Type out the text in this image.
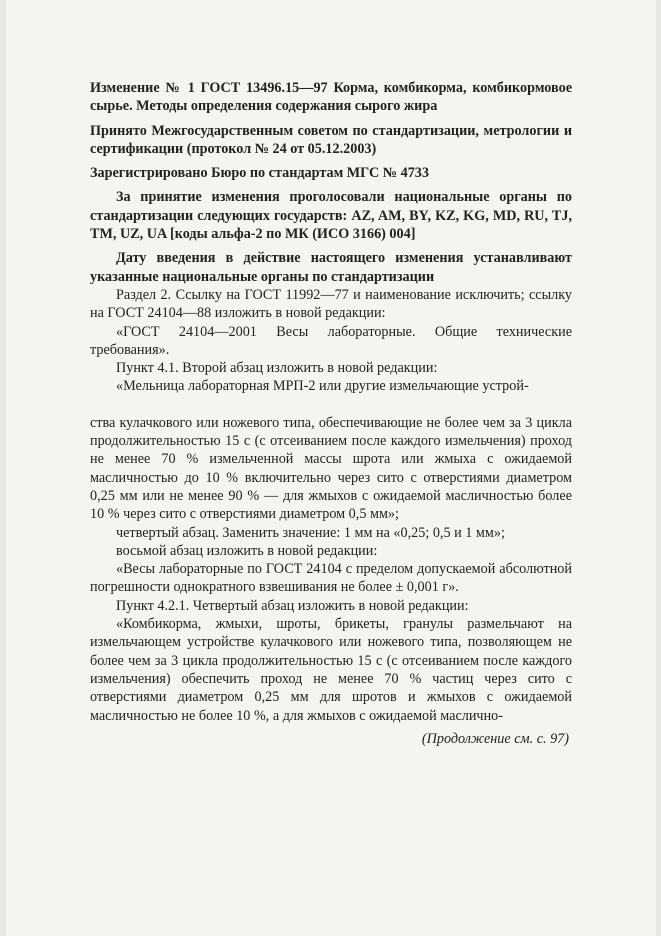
Изменение № 1 ГОСТ 13496.15—97 Корма, комбикорма, комбикормовое сырье. Методы определения содержания сырого жира

Принято Межгосударственным советом по стандартизации, метрологии и сертификации (протокол № 24 от 05.12.2003)

Зарегистрировано Бюро по стандартам МГС № 4733

За принятие изменения проголосовали национальные органы по стандартизации следующих государств: AZ, AM, BY, KZ, KG, MD, RU, TJ, TM, UZ, UA [коды альфа-2 по МК (ИСО 3166) 004]

Дату введения в действие настоящего изменения устанавливают указанные национальные органы по стандартизации

Раздел 2. Ссылку на ГОСТ 11992—77 и наименование исключить; ссылку на ГОСТ 24104—88 изложить в новой редакции:

«ГОСТ 24104—2001 Весы лабораторные. Общие технические требования».

Пункт 4.1. Второй абзац изложить в новой редакции:

«Мельница лабораторная МРП-2 или другие измельчающие устрой-

ства кулачкового или ножевого типа, обеспечивающие не более чем за 3 цикла продолжительностью 15 с (с отсеиванием после каждого измельчения) проход не менее 70 % измельченной массы шрота или жмыха с ожидаемой масличностью до 10 % включительно через сито с отверстиями диаметром 0,25 мм или не менее 90 % — для жмыхов с ожидаемой масличностью более 10 % через сито с отверстиями диаметром 0,5 мм»;

четвертый абзац. Заменить значение: 1 мм на «0,25; 0,5 и 1 мм»;

восьмой абзац изложить в новой редакции:

«Весы лабораторные по ГОСТ 24104 с пределом допускаемой абсолютной погрешности однократного взвешивания не более ± 0,001 г».

Пункт 4.2.1. Четвертый абзац изложить в новой редакции:

«Комбикорма, жмыхи, шроты, брикеты, гранулы размельчают на измельчающем устройстве кулачкового или ножевого типа, позволяющем не более чем за 3 цикла продолжительностью 15 с (с отсеиванием после каждого измельчения) обеспечить проход не менее 70 % частиц через сито с отверстиями диаметром 0,25 мм для шротов и жмыхов с ожидаемой масличностью не более 10 %, а для жмыхов с ожидаемой маслично-

(Продолжение см. с. 97)
